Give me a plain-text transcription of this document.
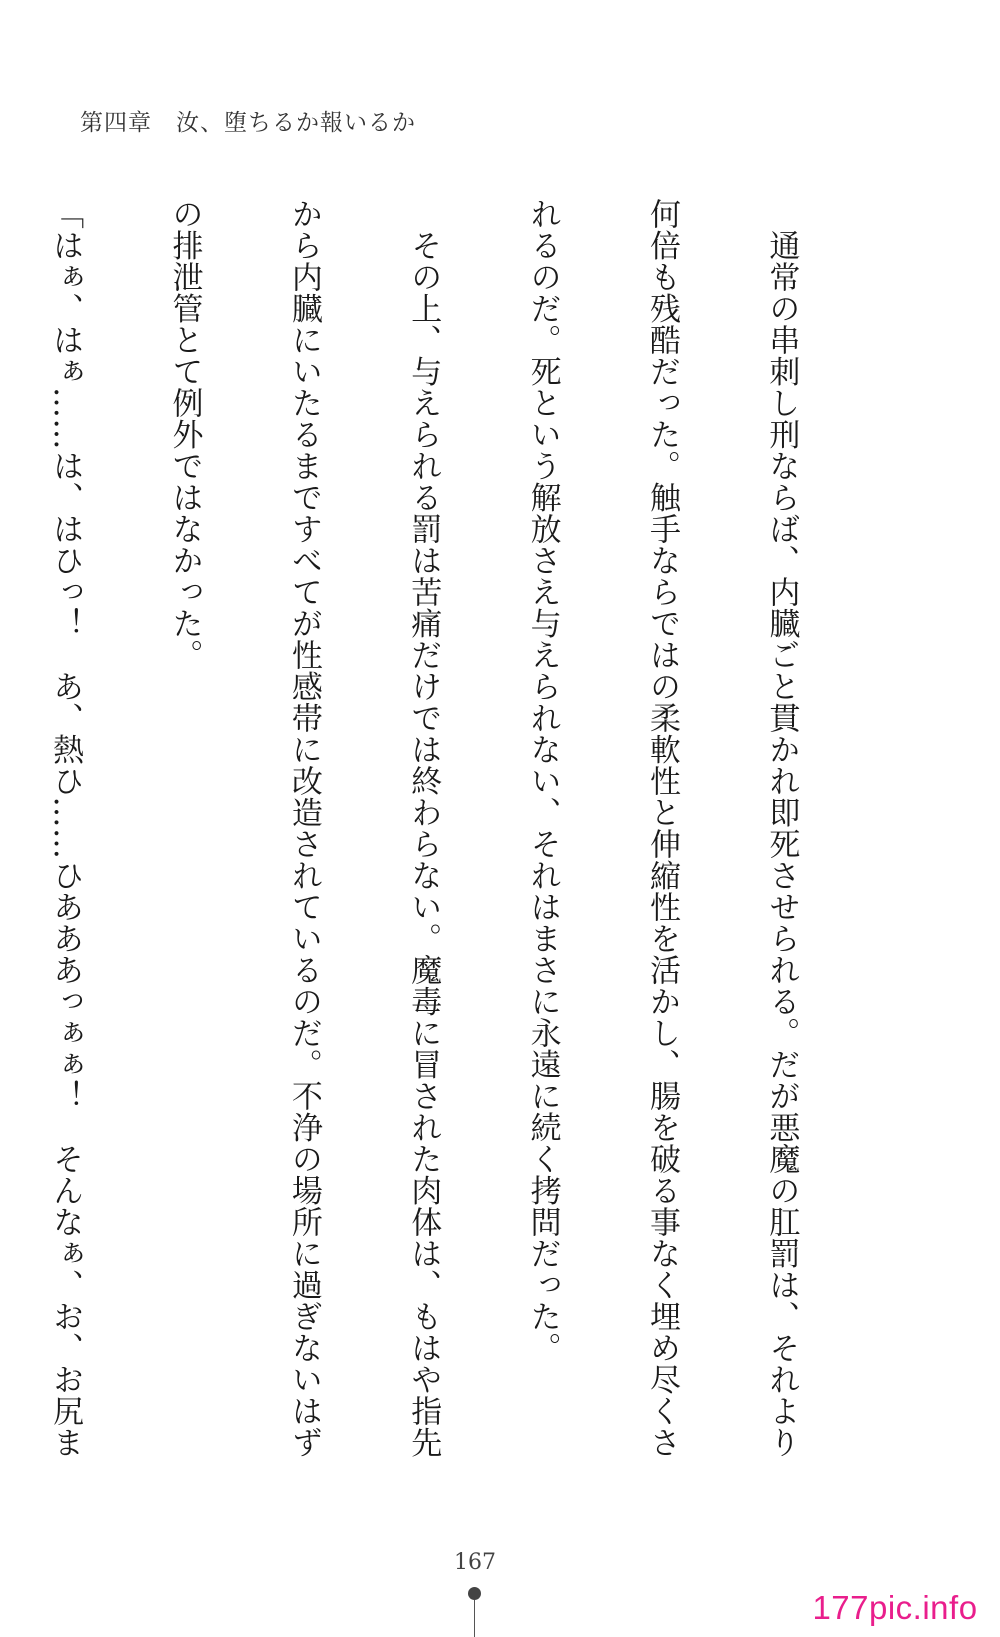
第四章　汝、堕ちるか報いるか

　通常の串刺し刑ならば、内臓ごと貫かれ即死させられる。だが悪魔の肛罰は、それより

何倍も残酷だった。触手ならではの柔軟性と伸縮性を活かし、腸を破る事なく埋め尽くさ

れるのだ。死という解放さえ与えられない、それはまさに永遠に続く拷問だった。

　その上、与えられる罰は苦痛だけでは終わらない。魔毒に冒された肉体は、もはや指先

から内臓にいたるまですべてが性感帯に改造されているのだ。不浄の場所に過ぎないはず

の排泄管とて例外ではなかった。

「はぁ、はぁ……は、はひっ！　あ、熱ひ……ひあああっぁぁ！　そんなぁ、お、お尻ま

167
177pic.info
